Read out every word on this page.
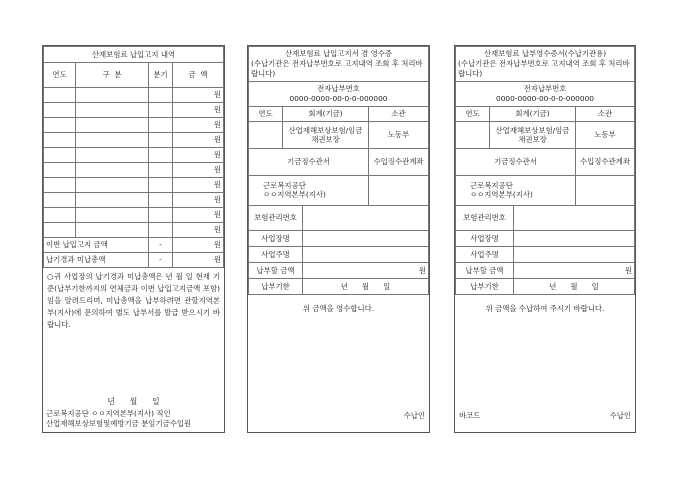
산재보험료 납입고지 내역			
연도	구  분	분기	금  액
			원
			원
			원
			원
			원
			원
			원
			원
			원
			원
이번 납입고지 금액		-	원
납기경과 미납총액		-	원
○귀 사업장의 납기경과 미납총액은 년 월 일 현재 기준(납부기한까지의 연체금과 이번 납입고지금액 포함)임을 알려드리며, 미납총액을 납부하려면 관할지역본부(지사)에 문의하여 별도 납부서를 발급 받으시기 바랍니다.
년      월      일
근로복지공단 ㅇㅇ지역본부(지사) 직인
산업재해보상보험및예방기금 분임기금수입원
산재보험료 납입고지서 겸 영수증
(수납기관은 전자납부번호로 고지내역 조회 후 처리바랍니다)			

전자납부번호
0000-0000-00-0-0-000000			

연도	회계(기금)		소관
	산업재해보상보험/임금채권보장		노동부
기금징수관서			수입징수관계좌

근로복지공단
ㅇㅇ지역본부(지사)			

보험관리번호			
사업장명			
사업주명			
납부할 금액		원	
납부기한		년      월      일	
위 금액을 영수합니다.
수납인
산재보험료 납부영수증서(수납기관용)
(수납기관은 전자납부번호로 고지내역 조회 후 처리바랍니다)			

전자납부번호
0000-0000-00-0-0-000000			

연도	회계(기금)		소관
	산업재해보상보험/임금채권보장		노동부
기금징수관서			수입징수관계좌

근로복지공단
ㅇㅇ지역본부(지사)			

보험관리번호			
사업장명			
사업주명			
납부할 금액		원	
납부기한		년      월      일	
위 금액을 수납하여 주시기 바랍니다.
바코드	수납인
